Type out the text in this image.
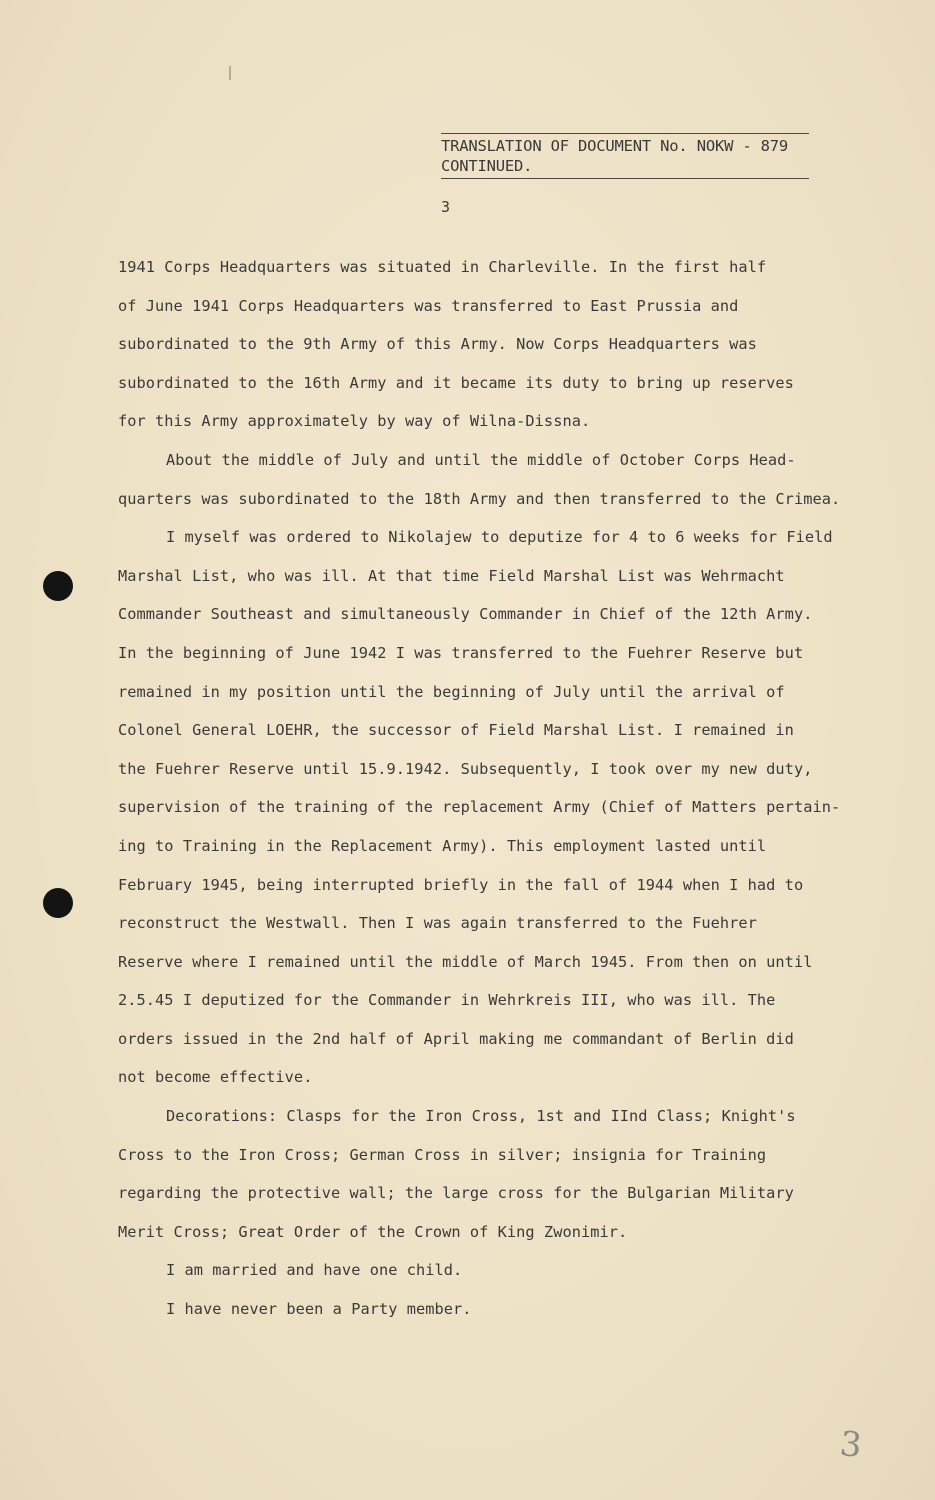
TRANSLATION OF DOCUMENT No. NOKW - 879
CONTINUED.
3
1941 Corps Headquarters was situated in Charleville. In the first half
of June 1941 Corps Headquarters was transferred to East Prussia and
subordinated to the 9th Army of this Army. Now Corps Headquarters was
subordinated to the 16th Army and it became its duty to bring up reserves
for this Army approximately by way of Wilna-Dissna.
About the middle of July and until the middle of October Corps Head-
quarters was subordinated to the 18th Army and then transferred to the Crimea.
I myself was ordered to Nikolajew to deputize for 4 to 6 weeks for Field
Marshal List, who was ill. At that time Field Marshal List was Wehrmacht
Commander Southeast and simultaneously Commander in Chief of the 12th Army.
In the beginning of June 1942 I was transferred to the Fuehrer Reserve but
remained in my position until the beginning of July until the arrival of
Colonel General LOEHR, the successor of Field Marshal List. I remained in
the Fuehrer Reserve until 15.9.1942. Subsequently, I took over my new duty,
supervision of the training of the replacement Army (Chief of Matters pertain-
ing to Training in the Replacement Army). This employment lasted until
February 1945, being interrupted briefly in the fall of 1944 when I had to
reconstruct the Westwall. Then I was again transferred to the Fuehrer
Reserve where I remained until the middle of March 1945. From then on until
2.5.45 I deputized for the Commander in Wehrkreis III, who was ill. The
orders issued in the 2nd half of April making me commandant of Berlin did
not become effective.
Decorations: Clasps for the Iron Cross, 1st and IInd Class; Knight's
Cross to the Iron Cross; German Cross in silver; insignia for Training
regarding the protective wall; the large cross for the Bulgarian Military
Merit Cross; Great Order of the Crown of King Zwonimir.
I am married and have one child.
I have never been a Party member.
3
